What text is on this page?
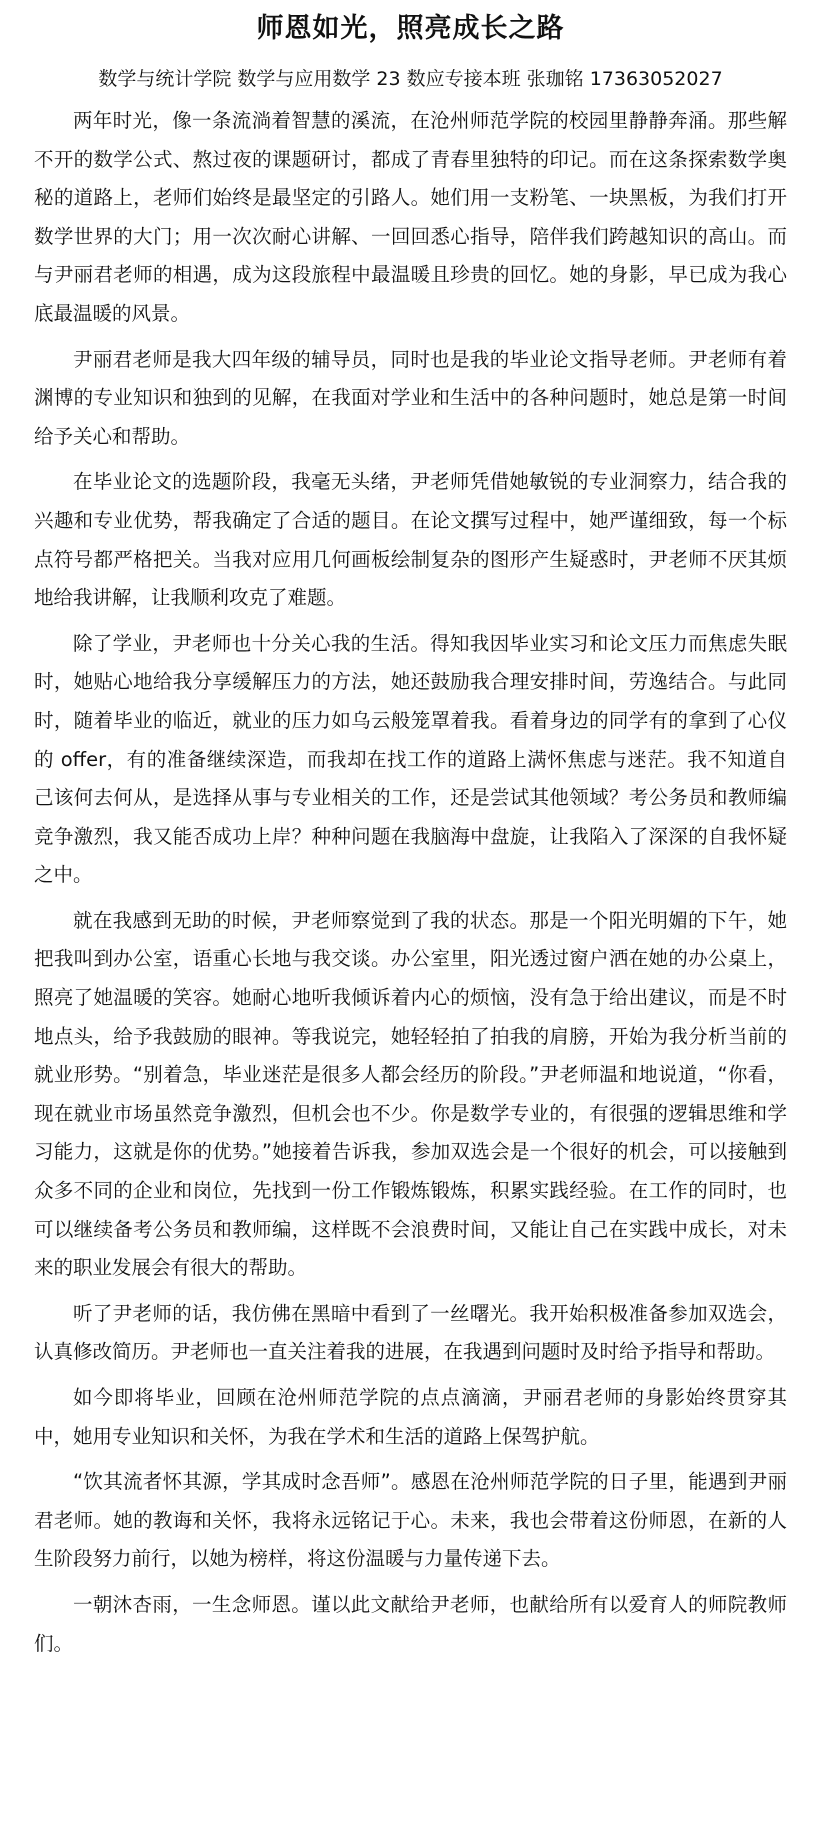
师恩如光，照亮成长之路
数学与统计学院 数学与应用数学 23 数应专接本班 张珈铭 17363052027

两年时光，像一条流淌着智慧的溪流，在沧州师范学院的校园里静静奔涌。那些解不开的数学公式、熬过夜的课题研讨，都成了青春里独特的印记。而在这条探索数学奥秘的道路上，老师们始终是最坚定的引路人。她们用一支粉笔、一块黑板，为我们打开数学世界的大门；用一次次耐心讲解、一回回悉心指导，陪伴我们跨越知识的高山。而与尹丽君老师的相遇，成为这段旅程中最温暖且珍贵的回忆。她的身影，早已成为我心底最温暖的风景。

尹丽君老师是我大四年级的辅导员，同时也是我的毕业论文指导老师。尹老师有着渊博的专业知识和独到的见解，在我面对学业和生活中的各种问题时，她总是第一时间给予关心和帮助。

在毕业论文的选题阶段，我毫无头绪，尹老师凭借她敏锐的专业洞察力，结合我的兴趣和专业优势，帮我确定了合适的题目。在论文撰写过程中，她严谨细致，每一个标点符号都严格把关。当我对应用几何画板绘制复杂的图形产生疑惑时，尹老师不厌其烦地给我讲解，让我顺利攻克了难题。

除了学业，尹老师也十分关心我的生活。得知我因毕业实习和论文压力而焦虑失眠时，她贴心地给我分享缓解压力的方法，她还鼓励我合理安排时间，劳逸结合。与此同时，随着毕业的临近，就业的压力如乌云般笼罩着我。看着身边的同学有的拿到了心仪的 offer，有的准备继续深造，而我却在找工作的道路上满怀焦虑与迷茫。我不知道自己该何去何从，是选择从事与专业相关的工作，还是尝试其他领域？考公务员和教师编竞争激烈，我又能否成功上岸？种种问题在我脑海中盘旋，让我陷入了深深的自我怀疑之中。

就在我感到无助的时候，尹老师察觉到了我的状态。那是一个阳光明媚的下午，她把我叫到办公室，语重心长地与我交谈。办公室里，阳光透过窗户洒在她的办公桌上，照亮了她温暖的笑容。她耐心地听我倾诉着内心的烦恼，没有急于给出建议，而是不时地点头，给予我鼓励的眼神。等我说完，她轻轻拍了拍我的肩膀，开始为我分析当前的就业形势。“别着急，毕业迷茫是很多人都会经历的阶段。”尹老师温和地说道，“你看，现在就业市场虽然竞争激烈，但机会也不少。你是数学专业的，有很强的逻辑思维和学习能力，这就是你的优势。”她接着告诉我，参加双选会是一个很好的机会，可以接触到众多不同的企业和岗位，先找到一份工作锻炼锻炼，积累实践经验。在工作的同时，也可以继续备考公务员和教师编，这样既不会浪费时间，又能让自己在实践中成长，对未来的职业发展会有很大的帮助。

听了尹老师的话，我仿佛在黑暗中看到了一丝曙光。我开始积极准备参加双选会，认真修改简历。尹老师也一直关注着我的进展，在我遇到问题时及时给予指导和帮助。

如今即将毕业，回顾在沧州师范学院的点点滴滴，尹丽君老师的身影始终贯穿其中，她用专业知识和关怀，为我在学术和生活的道路上保驾护航。

“饮其流者怀其源，学其成时念吾师”。感恩在沧州师范学院的日子里，能遇到尹丽君老师。她的教诲和关怀，我将永远铭记于心。未来，我也会带着这份师恩，在新的人生阶段努力前行，以她为榜样，将这份温暖与力量传递下去。

一朝沐杏雨，一生念师恩。谨以此文献给尹老师，也献给所有以爱育人的师院教师们。
